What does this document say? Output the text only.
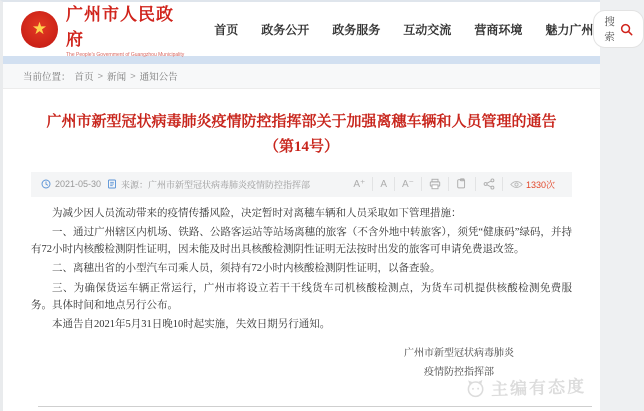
★
广州市人民政府
The People's Government of Guangzhou Municipality
首页 政务公开 政务服务 互动交流 营商环境 魅力广州
搜索
当前位置： 首页 > 新闻 > 通知公告
广州市新型冠状病毒肺炎疫情防控指挥部关于加强离穗车辆和人员管理的通告（第14号）
2021-05-30 来源：广州市新型冠状病毒肺炎疫情防控指挥部	A⁺	A	A⁻	1330次

为减少因人员流动带来的疫情传播风险，决定暂时对离穗车辆和人员采取如下管理措施：

一、通过广州辖区内机场、铁路、公路客运站等站场离穗的旅客（不含外地中转旅客），须凭“健康码”绿码，并持有72小时内核酸检测阴性证明，因未能及时出具核酸检测阴性证明无法按时出发的旅客可申请免费退改签。

二、离穗出省的小型汽车司乘人员，须持有72小时内核酸检测阴性证明，以备查验。

三、为确保货运车辆正常运行，广州市将设立若干干线货车司机核酸检测点，为货车司机提供核酸检测免费服务。具体时间和地点另行公布。

本通告自2021年5月31日晚10时起实施，失效日期另行通知。

广州市新型冠状病毒肺炎
疫情防控指挥部
主编有态度
